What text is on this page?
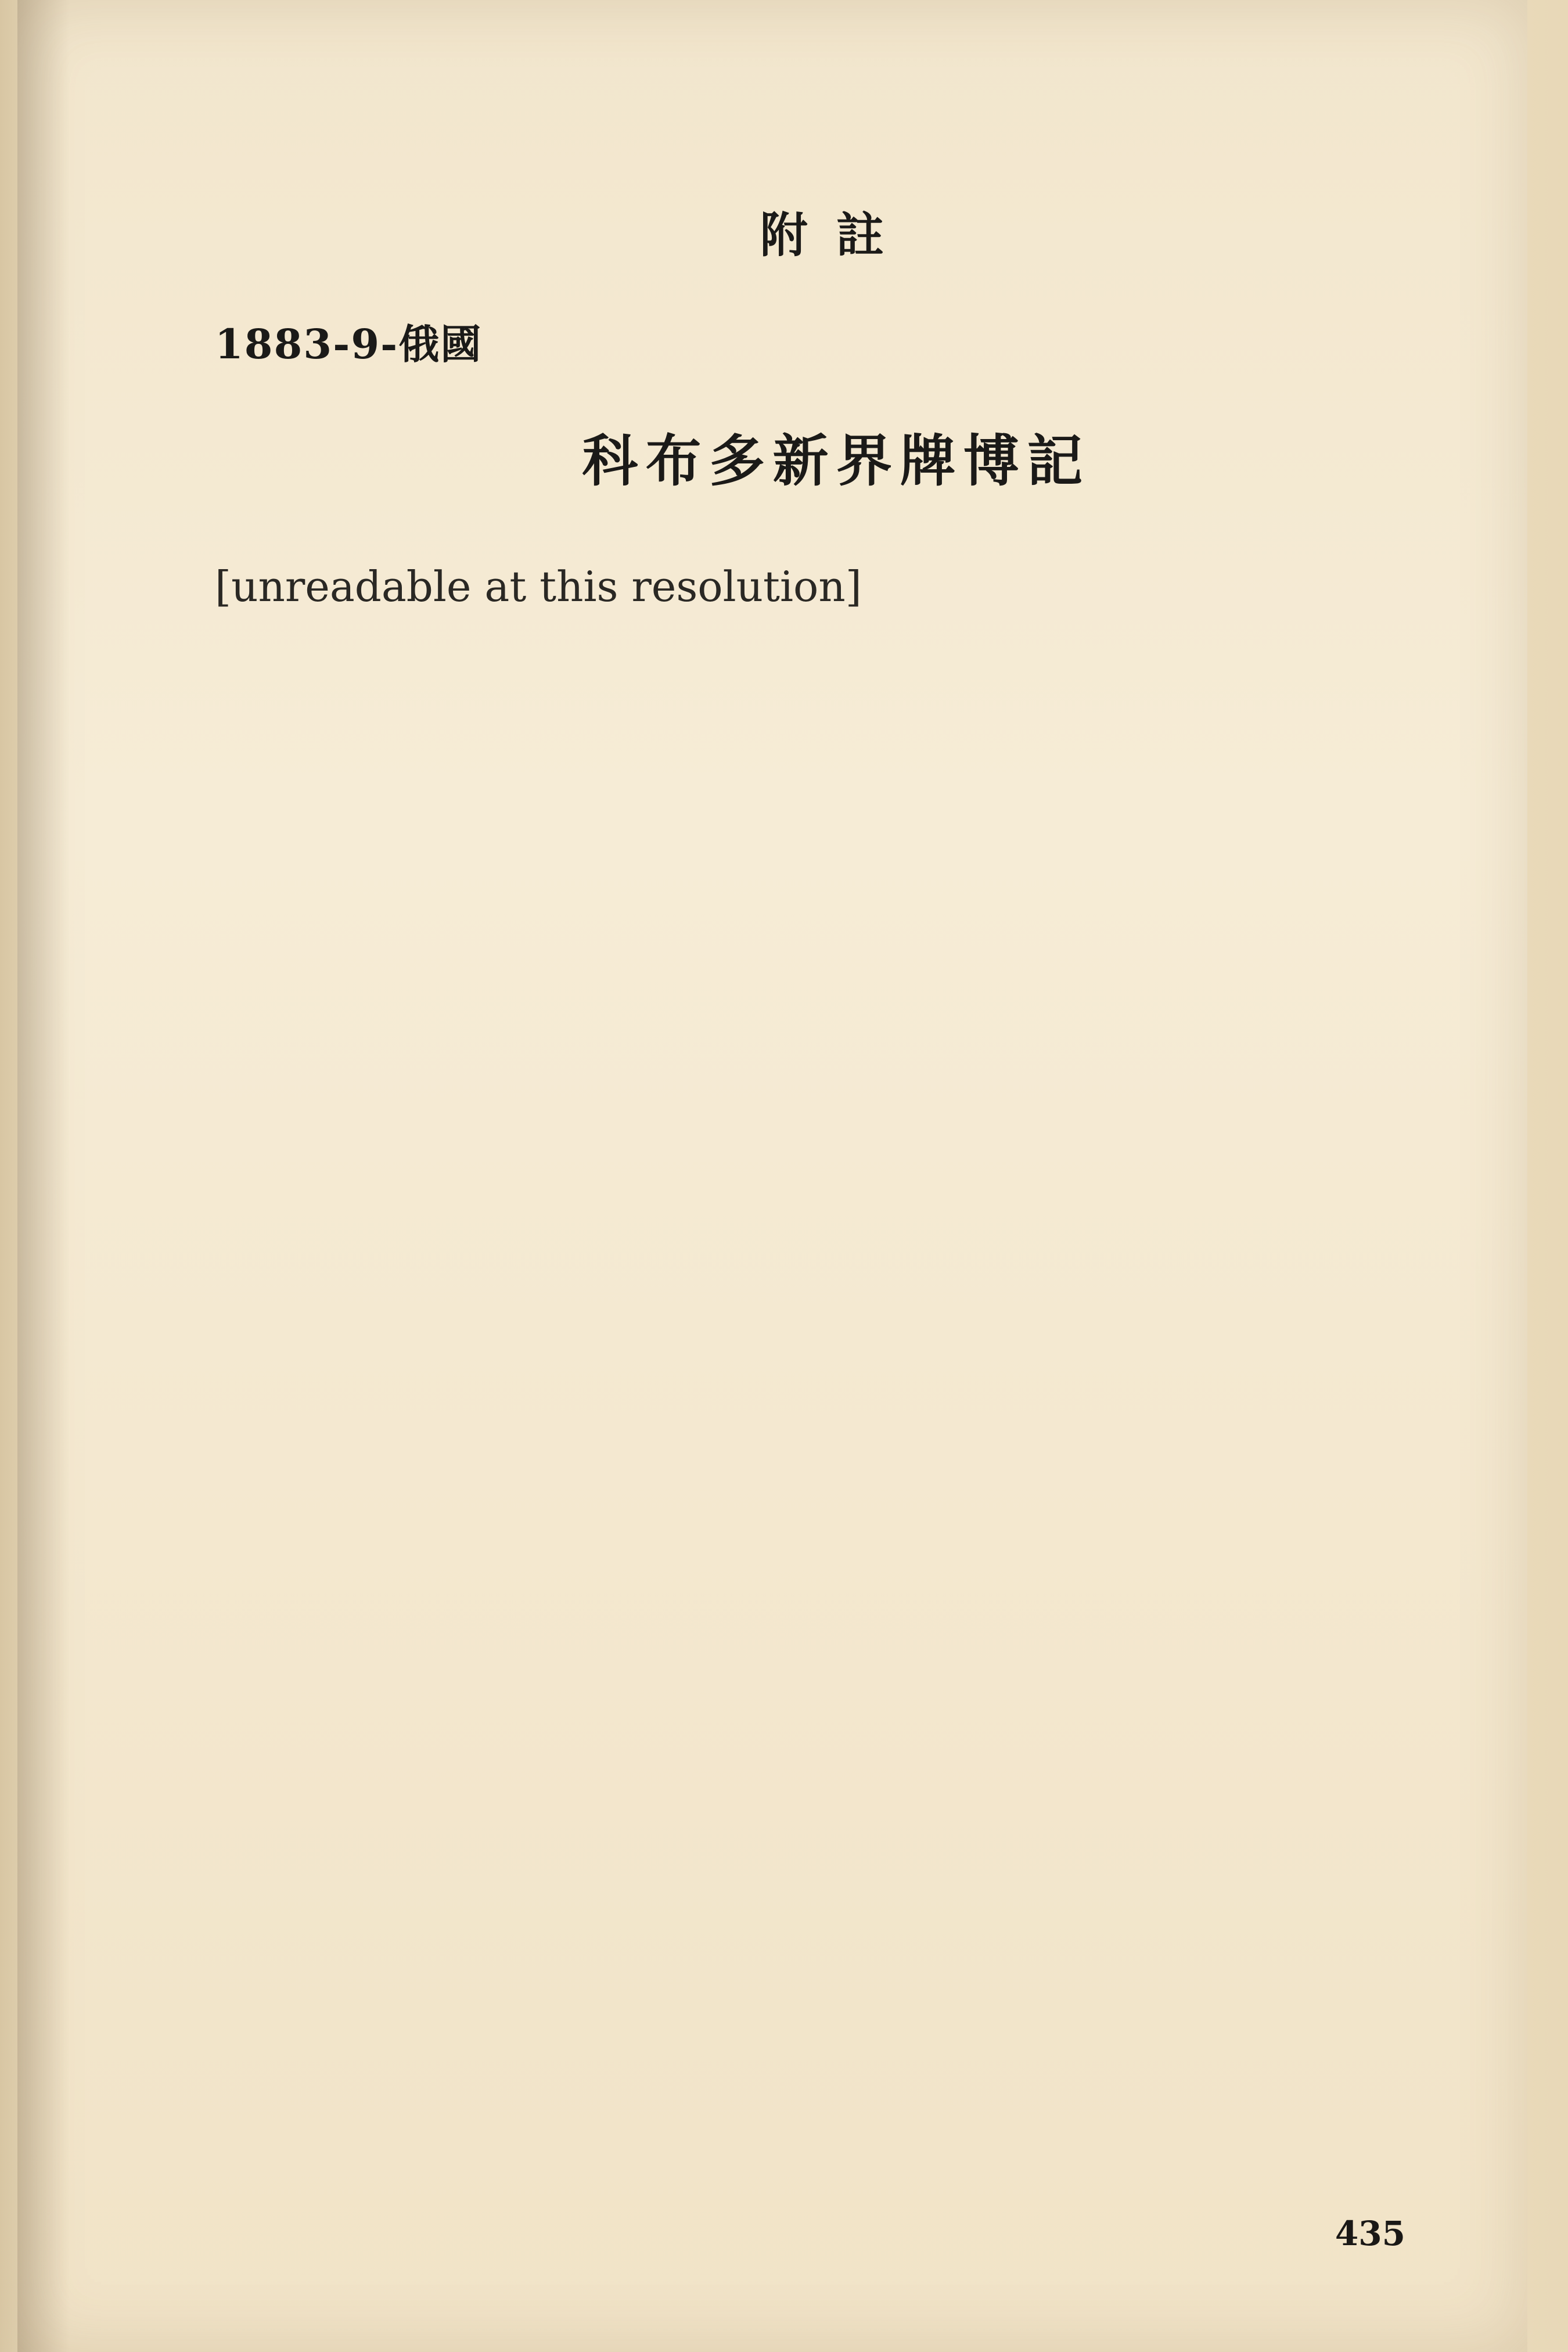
附註
1883-9-俄國
科布多新界牌博記
[unreadable at this resolution]
435
